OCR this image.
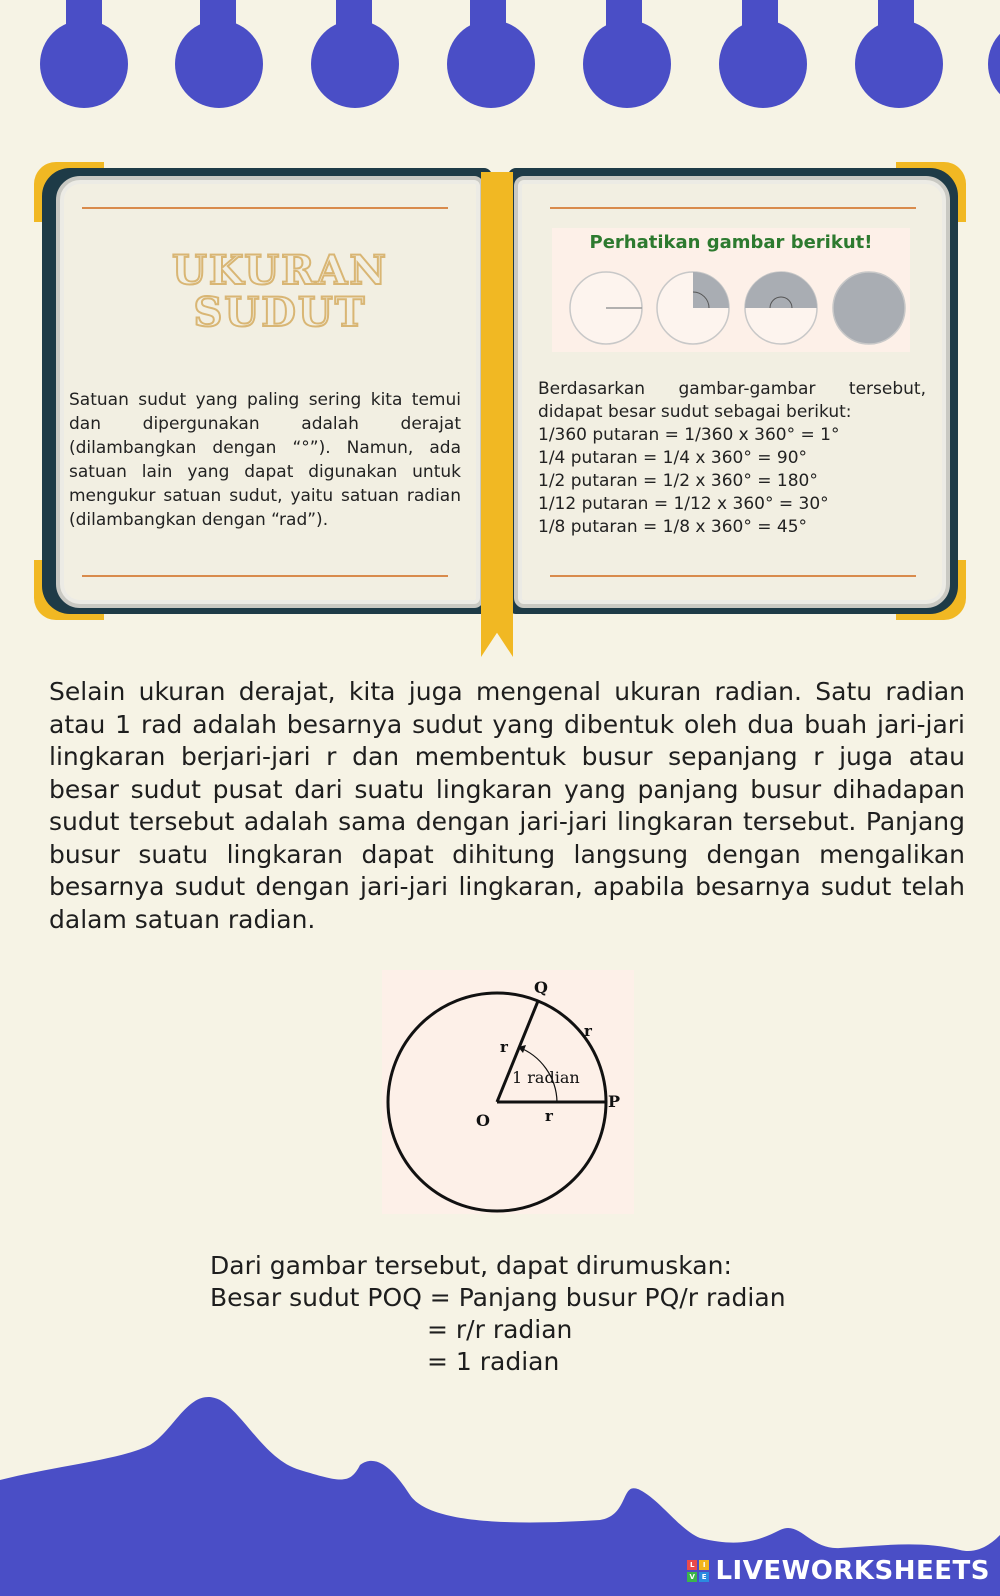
UKURAN
SUDUT
Satuan sudut yang paling sering kita temui dan dipergunakan adalah derajat (dilambangkan dengan “°”). Namun, ada satuan lain yang dapat digunakan untuk mengukur satuan sudut, yaitu satuan radian (dilambangkan dengan “rad”).
Perhatikan gambar berikut!
Berdasarkan gambar-gambar tersebut,
didapat besar sudut sebagai berikut:
1/360 putaran = 1/360 x 360° = 1°
1/4 putaran = 1/4 x 360° = 90°
1/2 putaran = 1/2 x 360° = 180°
1/12 putaran = 1/12 x 360° = 30°
1/8 putaran = 1/8 x 360° = 45°
Selain ukuran derajat, kita juga mengenal ukuran radian. Satu radian atau 1 rad adalah besarnya sudut yang dibentuk oleh dua buah jari-jari lingkaran berjari-jari r dan membentuk busur sepanjang r juga atau besar sudut pusat dari suatu lingkaran yang panjang busur dihadapan sudut tersebut adalah sama dengan jari-jari lingkaran tersebut. Panjang busur suatu lingkaran dapat dihitung langsung dengan mengalikan besarnya sudut dengan jari-jari lingkaran, apabila besarnya sudut telah dalam satuan radian.
Q
P
O
r
r
r
1 radian
Dari gambar tersebut, dapat dirumuskan:
Besar sudut POQ = Panjang busur PQ/r radian
= r/r radian
= 1 radian
L	I
V E LIVEWORKSHEETS
